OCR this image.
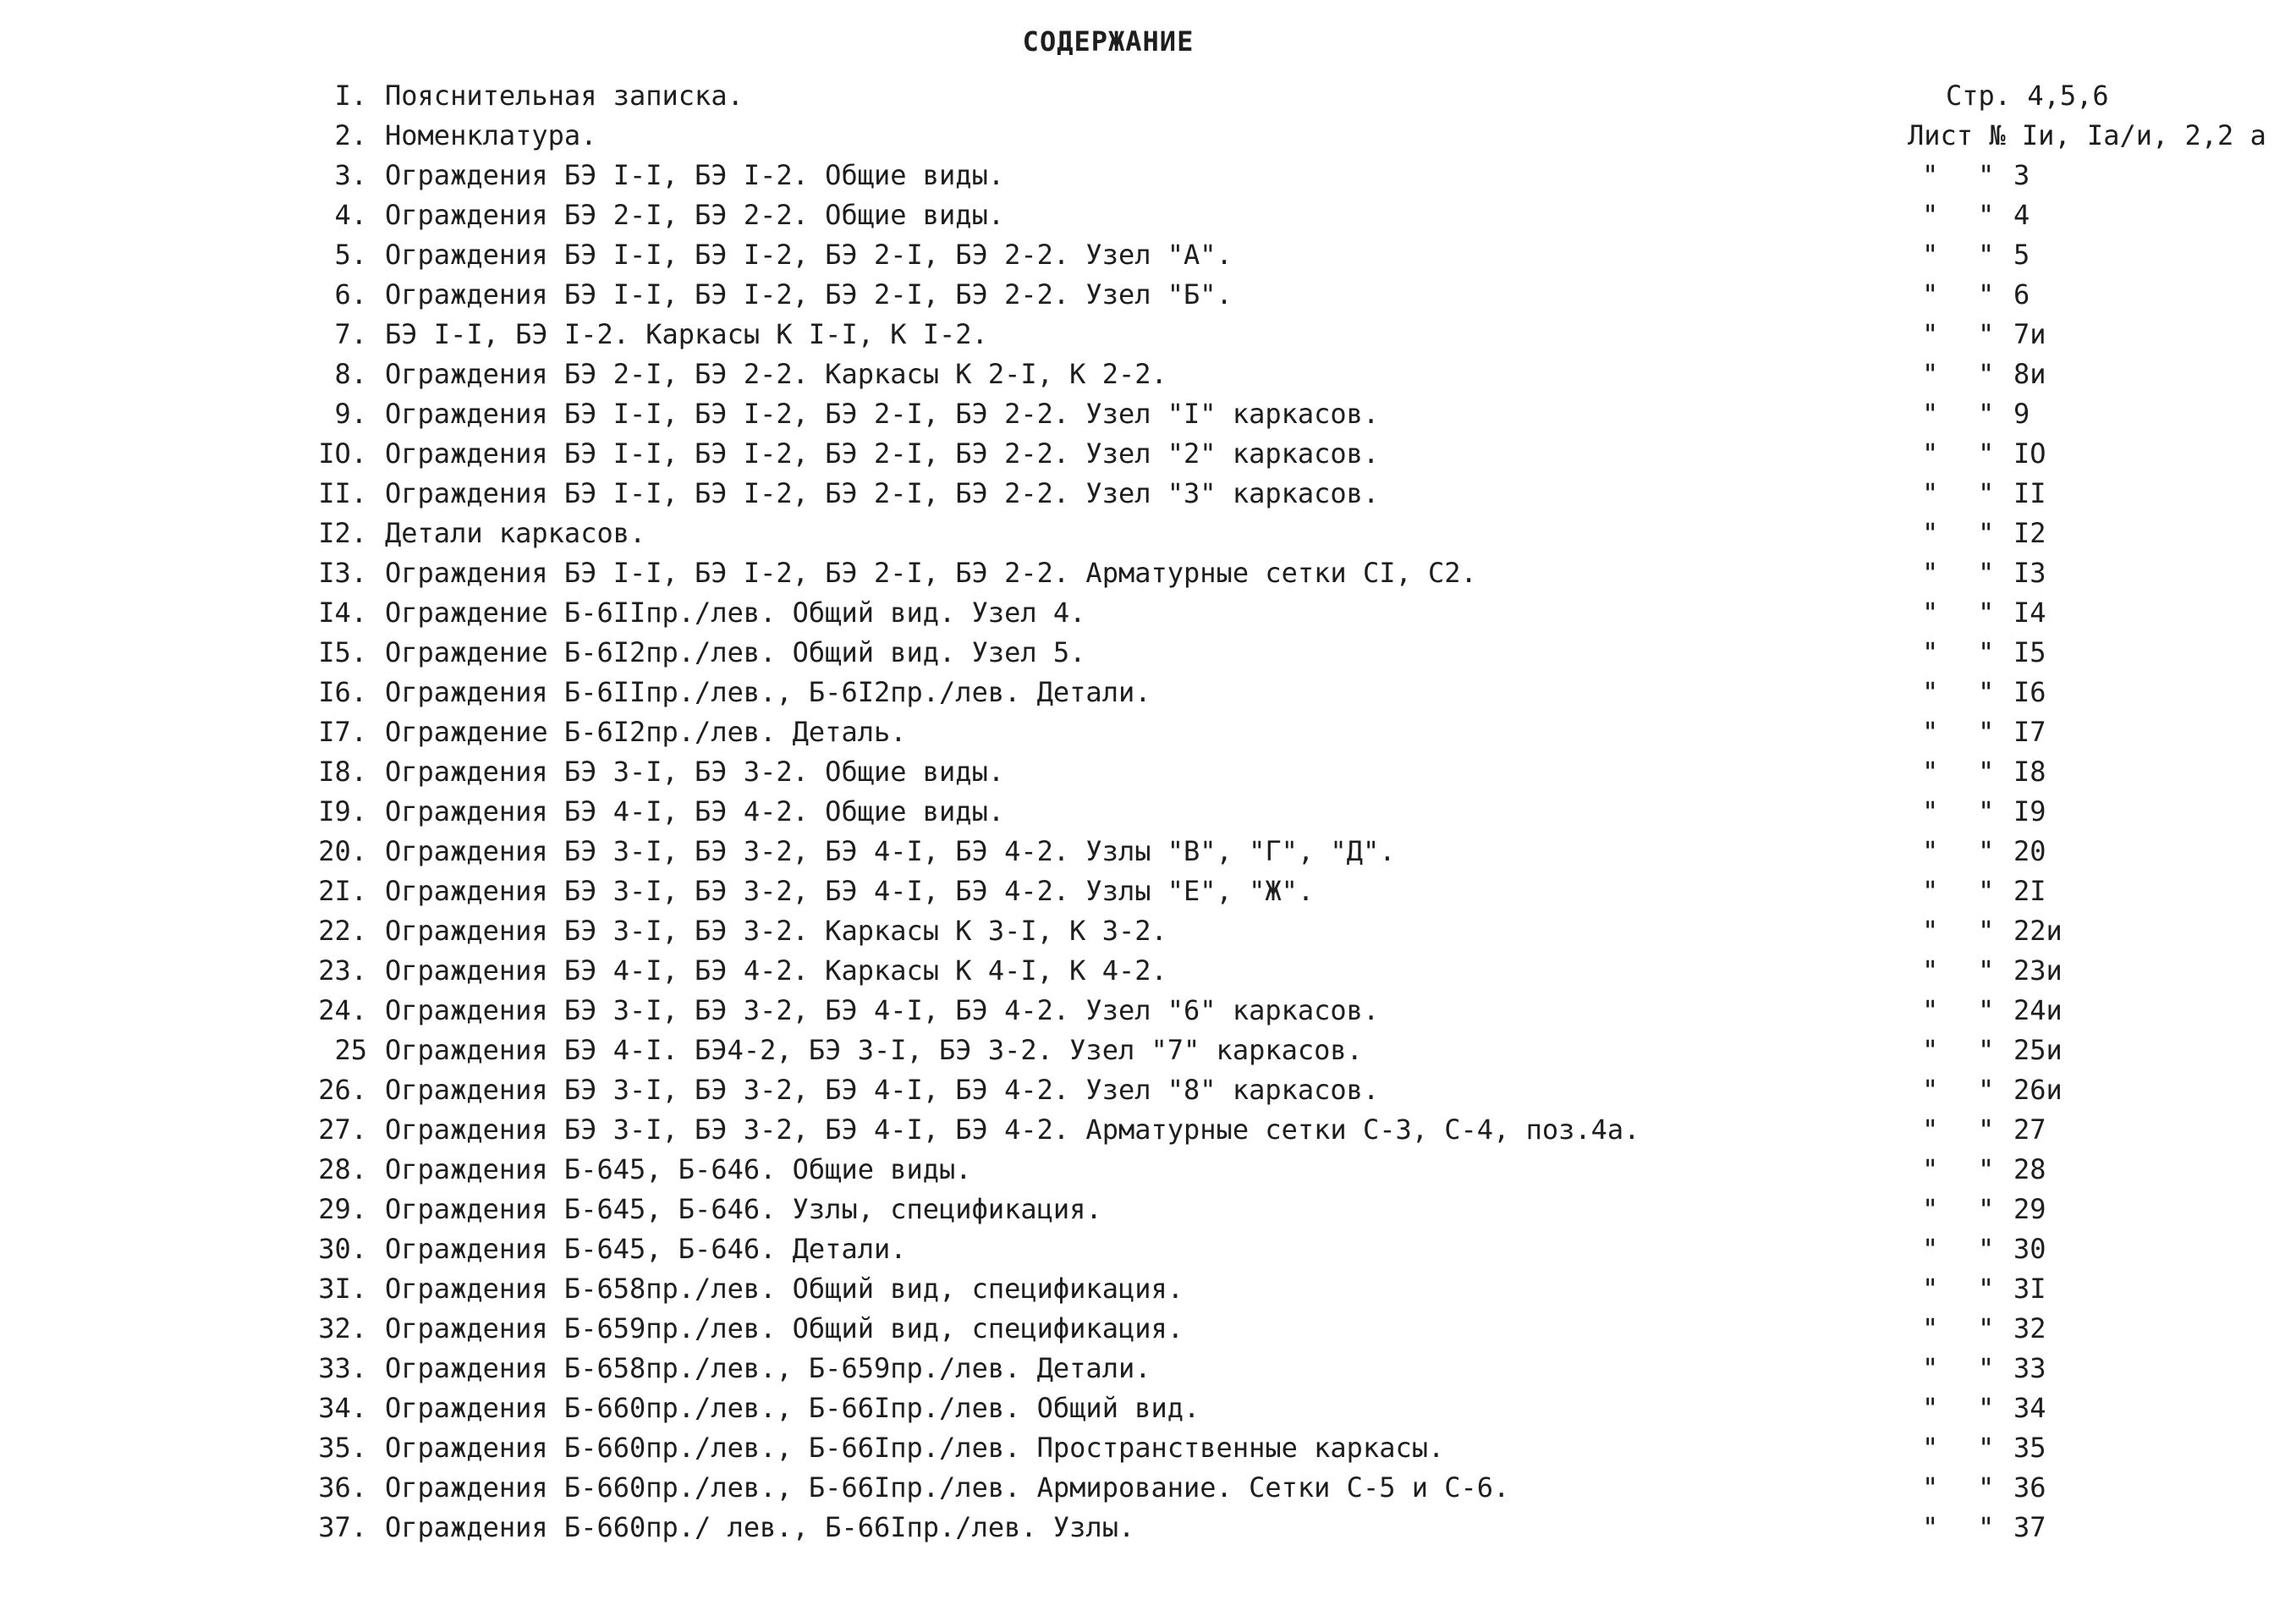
СОДЕРЖАНИЕ
I. Пояснительная записка.	Стр. 4,5,6
2. Номенклатура.	Лист № Iи, Iа/и, 2,2 а
3. Ограждения БЭ I-I, БЭ I-2. Общие виды.	" " 3
4. Ограждения БЭ 2-I, БЭ 2-2. Общие виды.	" " 4
5. Ограждения БЭ I-I, БЭ I-2, БЭ 2-I, БЭ 2-2. Узел "А".	" " 5
6. Ограждения БЭ I-I, БЭ I-2, БЭ 2-I, БЭ 2-2. Узел "Б".	" " 6
7. БЭ I-I, БЭ I-2. Каркасы К I-I, К I-2.	" " 7и
8. Ограждения БЭ 2-I, БЭ 2-2. Каркасы К 2-I, К 2-2.	" " 8и
9. Ограждения БЭ I-I, БЭ I-2, БЭ 2-I, БЭ 2-2. Узел "I" каркасов.	" " 9
IO. Ограждения БЭ I-I, БЭ I-2, БЭ 2-I, БЭ 2-2. Узел "2" каркасов.	" " IO
II. Ограждения БЭ I-I, БЭ I-2, БЭ 2-I, БЭ 2-2. Узел "3" каркасов.	" " II
I2. Детали каркасов.	" " I2
I3. Ограждения БЭ I-I, БЭ I-2, БЭ 2-I, БЭ 2-2. Арматурные сетки CI, C2.	" " I3
I4. Ограждение Б-6IIпр./лев. Общий вид. Узел 4.	" " I4
I5. Ограждение Б-6I2пр./лев. Общий вид. Узел 5.	" " I5
I6. Ограждения Б-6IIпр./лев., Б-6I2пр./лев. Детали.	" " I6
I7. Ограждение Б-6I2пр./лев. Деталь.	" " I7
I8. Ограждения БЭ 3-I, БЭ 3-2. Общие виды.	" " I8
I9. Ограждения БЭ 4-I, БЭ 4-2. Общие виды.	" " I9
20. Ограждения БЭ 3-I, БЭ 3-2, БЭ 4-I, БЭ 4-2. Узлы "В", "Г", "Д".	" " 20
2I. Ограждения БЭ 3-I, БЭ 3-2, БЭ 4-I, БЭ 4-2. Узлы "Е", "Ж".	" " 2I
22. Ограждения БЭ 3-I, БЭ 3-2. Каркасы К 3-I, К 3-2.	" " 22и
23. Ограждения БЭ 4-I, БЭ 4-2. Каркасы К 4-I, К 4-2.	" " 23и
24. Ограждения БЭ 3-I, БЭ 3-2, БЭ 4-I, БЭ 4-2. Узел "6" каркасов.	" " 24и
25 Ограждения БЭ 4-I. БЭ4-2, БЭ 3-I, БЭ 3-2. Узел "7" каркасов.	" " 25и
26. Ограждения БЭ 3-I, БЭ 3-2, БЭ 4-I, БЭ 4-2. Узел "8" каркасов.	" " 26и
27. Ограждения БЭ 3-I, БЭ 3-2, БЭ 4-I, БЭ 4-2. Арматурные сетки С-3, С-4, поз.4а.	" " 27
28. Ограждения Б-645, Б-646. Общие виды.	" " 28
29. Ограждения Б-645, Б-646. Узлы, спецификация.	" " 29
30. Ограждения Б-645, Б-646. Детали.	" " 30
3I. Ограждения Б-658пр./лев. Общий вид, спецификация.	" " 3I
32. Ограждения Б-659пр./лев. Общий вид, спецификация.	" " 32
33. Ограждения Б-658пр./лев., Б-659пр./лев. Детали.	" " 33
34. Ограждения Б-660пр./лев., Б-66Iпр./лев. Общий вид.	" " 34
35. Ограждения Б-660пр./лев., Б-66Iпр./лев. Пространственные каркасы.	" " 35
36. Ограждения Б-660пр./лев., Б-66Iпр./лев. Армирование. Сетки С-5 и С-6.	" " 36
37. Ограждения Б-660пр./ лев., Б-66Iпр./лев. Узлы.	" " 37
